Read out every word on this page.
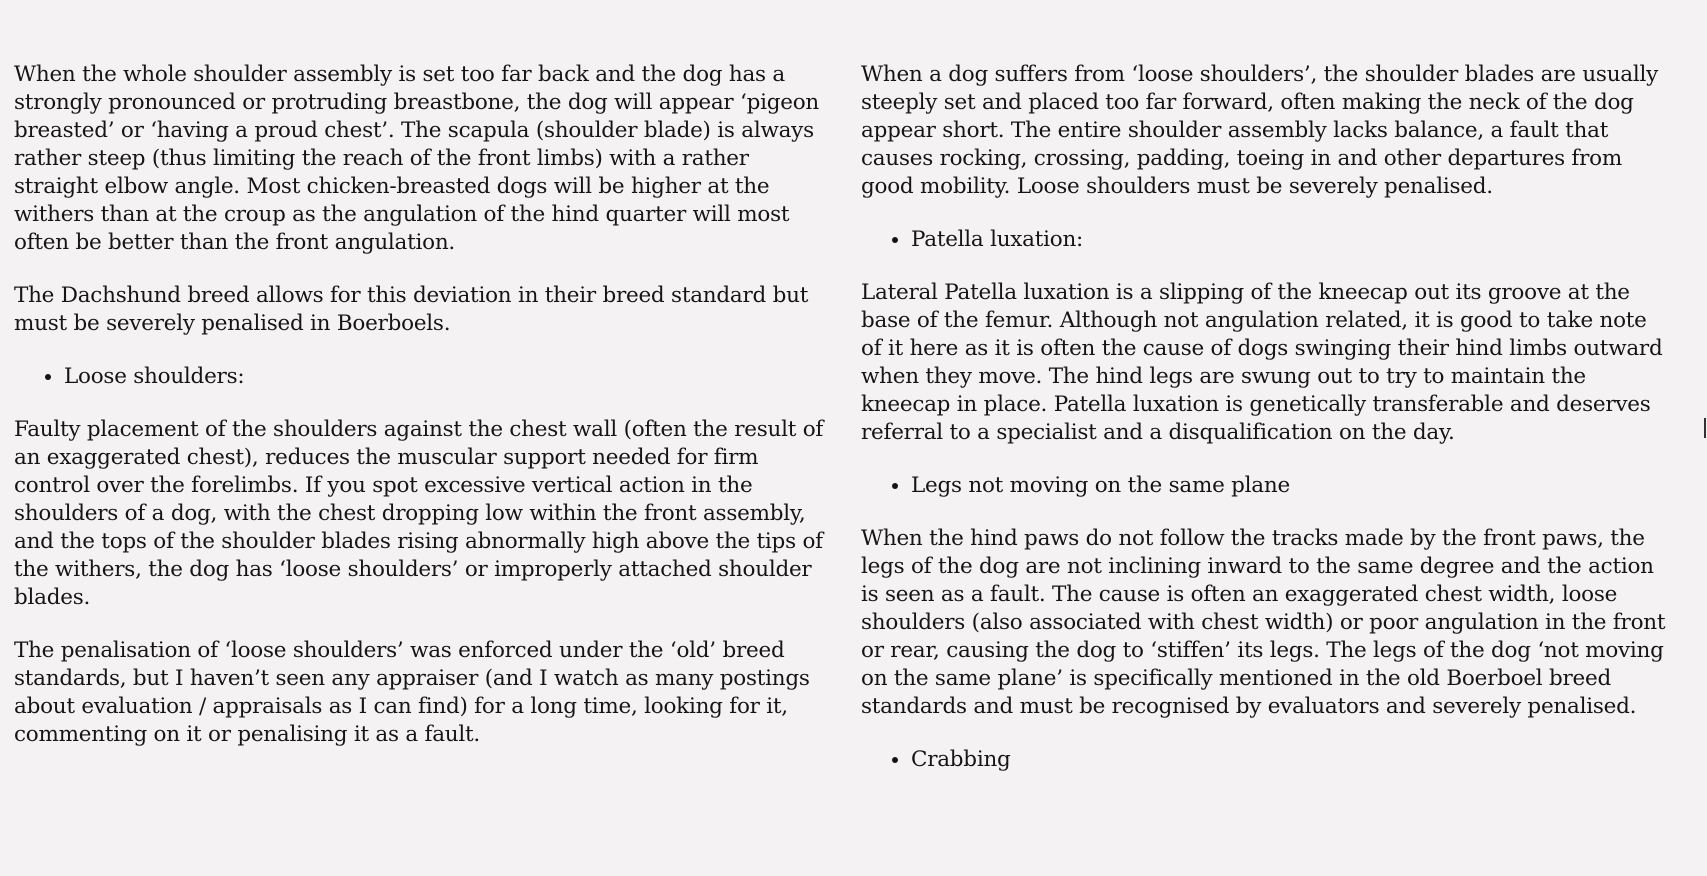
When the whole shoulder assembly is set too far back and the dog has a strongly pronounced or protruding breastbone, the dog will appear ‘pigeon breasted’ or ‘having a proud chest’. The scapula (shoulder blade) is always rather steep (thus limiting the reach of the front limbs) with a rather straight elbow angle. Most chicken-breasted dogs will be higher at the withers than at the croup as the angulation of the hind quarter will most often be better than the front angulation.

The Dachshund breed allows for this deviation in their breed standard but must be severely penalised in Boerboels.

• Loose shoulders:

Faulty placement of the shoulders against the chest wall (often the result of an exaggerated chest), reduces the muscular support needed for firm control over the forelimbs. If you spot excessive vertical action in the shoulders of a dog, with the chest dropping low within the front assembly, and the tops of the shoulder blades rising abnormally high above the tips of the withers, the dog has ‘loose shoulders’ or improperly attached shoulder blades.

The penalisation of ‘loose shoulders’ was enforced under the ‘old’ breed standards, but I haven’t seen any appraiser (and I watch as many postings about evaluation / appraisals as I can find) for a long time, looking for it, commenting on it or penalising it as a fault.

When a dog suffers from ‘loose shoulders’, the shoulder blades are usually steeply set and placed too far forward, often making the neck of the dog appear short. The entire shoulder assembly lacks balance, a fault that causes rocking, crossing, padding, toeing in and other departures from good mobility. Loose shoulders must be severely penalised.

• Patella luxation:

Lateral Patella luxation is a slipping of the kneecap out its groove at the base of the femur. Although not angulation related, it is good to take note of it here as it is often the cause of dogs swinging their hind limbs outward when they move. The hind legs are swung out to try to maintain the kneecap in place. Patella luxation is genetically transferable and deserves referral to a specialist and a disqualification on the day.

• Legs not moving on the same plane

When the hind paws do not follow the tracks made by the front paws, the legs of the dog are not inclining inward to the same degree and the action is seen as a fault. The cause is often an exaggerated chest width, loose shoulders (also associated with chest width) or poor angulation in the front or rear, causing the dog to ‘stiffen’ its legs. The legs of the dog ‘not moving on the same plane’ is specifically mentioned in the old Boerboel breed standards and must be recognised by evaluators and severely penalised.

• Crabbing
